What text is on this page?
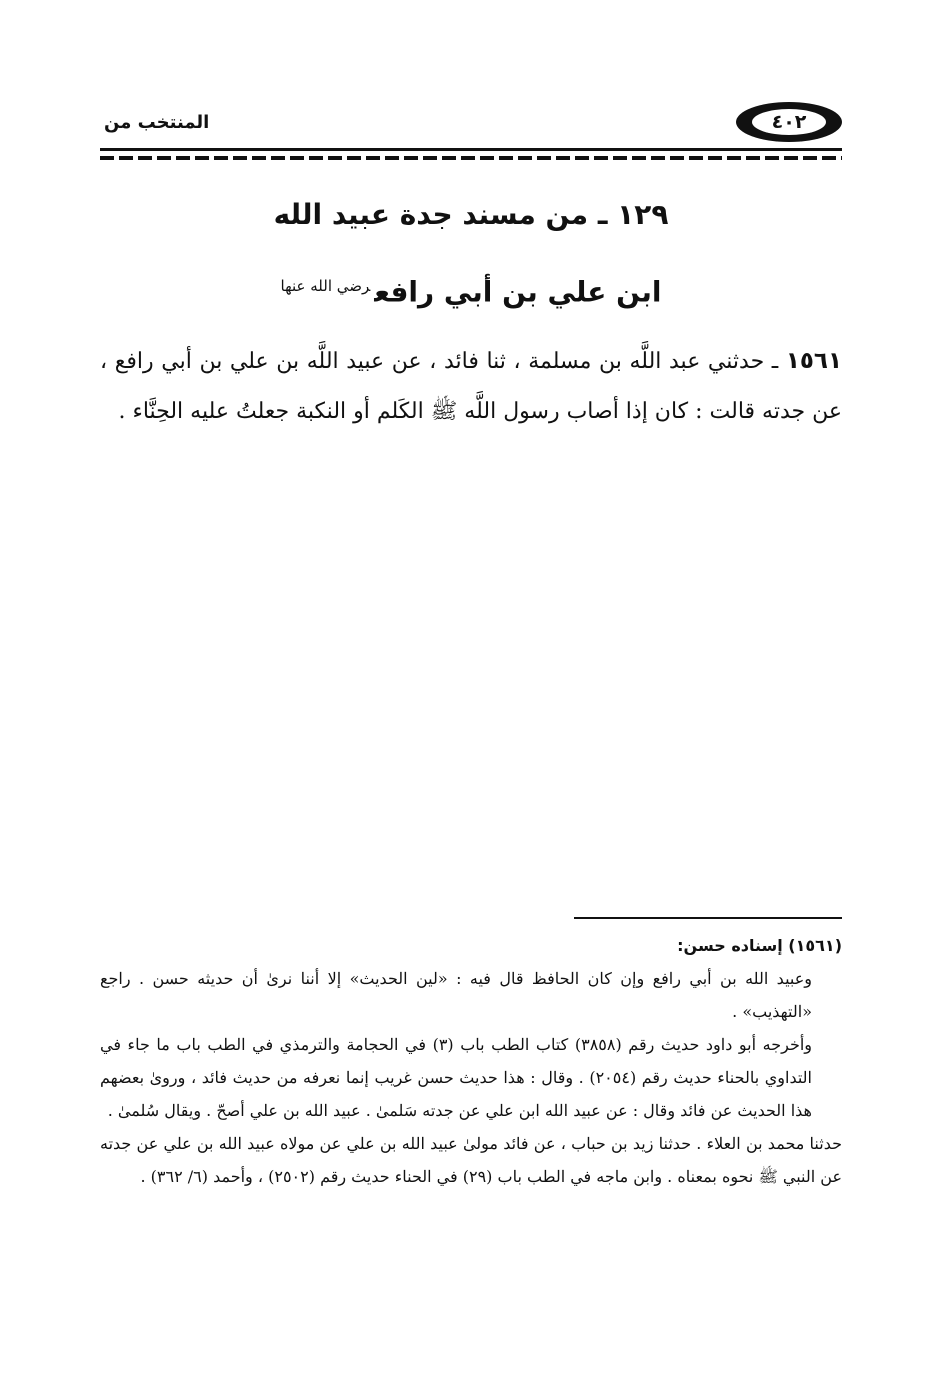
المنتخب من	٤٠٢
١٢٩ ـ من مسند جدة عبيد الله
ابن علي بن أبي رافع$^{رضي الله عنها}$
١٥٦١ ـ حدثني عبد اللَّه بن مسلمة ، ثنا فائد ، عن عبيد اللَّه بن علي بن أبي رافع ، عن جدته قالت : كان إذا أصاب رسول اللَّه ﷺ الكَلم أو النكبة جعلتُ عليه الحِنَّاء .

(١٥٦١) إسناده حسن:

وعبيد الله بن أبي رافع وإن كان الحافظ قال فيه : «لين الحديث» إلا أننا نرىٰ أن حديثه حسن . راجع «التهذيب» .

وأخرجه أبو داود حديث رقم (٣٨٥٨) كتاب الطب باب (٣) في الحجامة والترمذي في الطب باب ما جاء في التداوي بالحناء حديث رقم (٢٠٥٤) . وقال : هذا حديث حسن غريب إنما نعرفه من حديث فائد ، وروىٰ بعضهم هذا الحديث عن فائد وقال : عن عبيد الله ابن علي عن جدته سَلمىٰ . عبيد الله بن علي أصحّ . ويقال سُلمىٰ .

حدثنا محمد بن العلاء . حدثنا زيد بن حباب ، عن فائد مولىٰ عبيد الله بن علي عن مولاه عبيد الله بن علي عن جدته عن النبي ﷺ نحوه بمعناه . وابن ماجه في الطب باب (٢٩) في الحناء حديث رقم (٢٥٠٢) ، وأحمد (٦/ ٣٦٢) .
